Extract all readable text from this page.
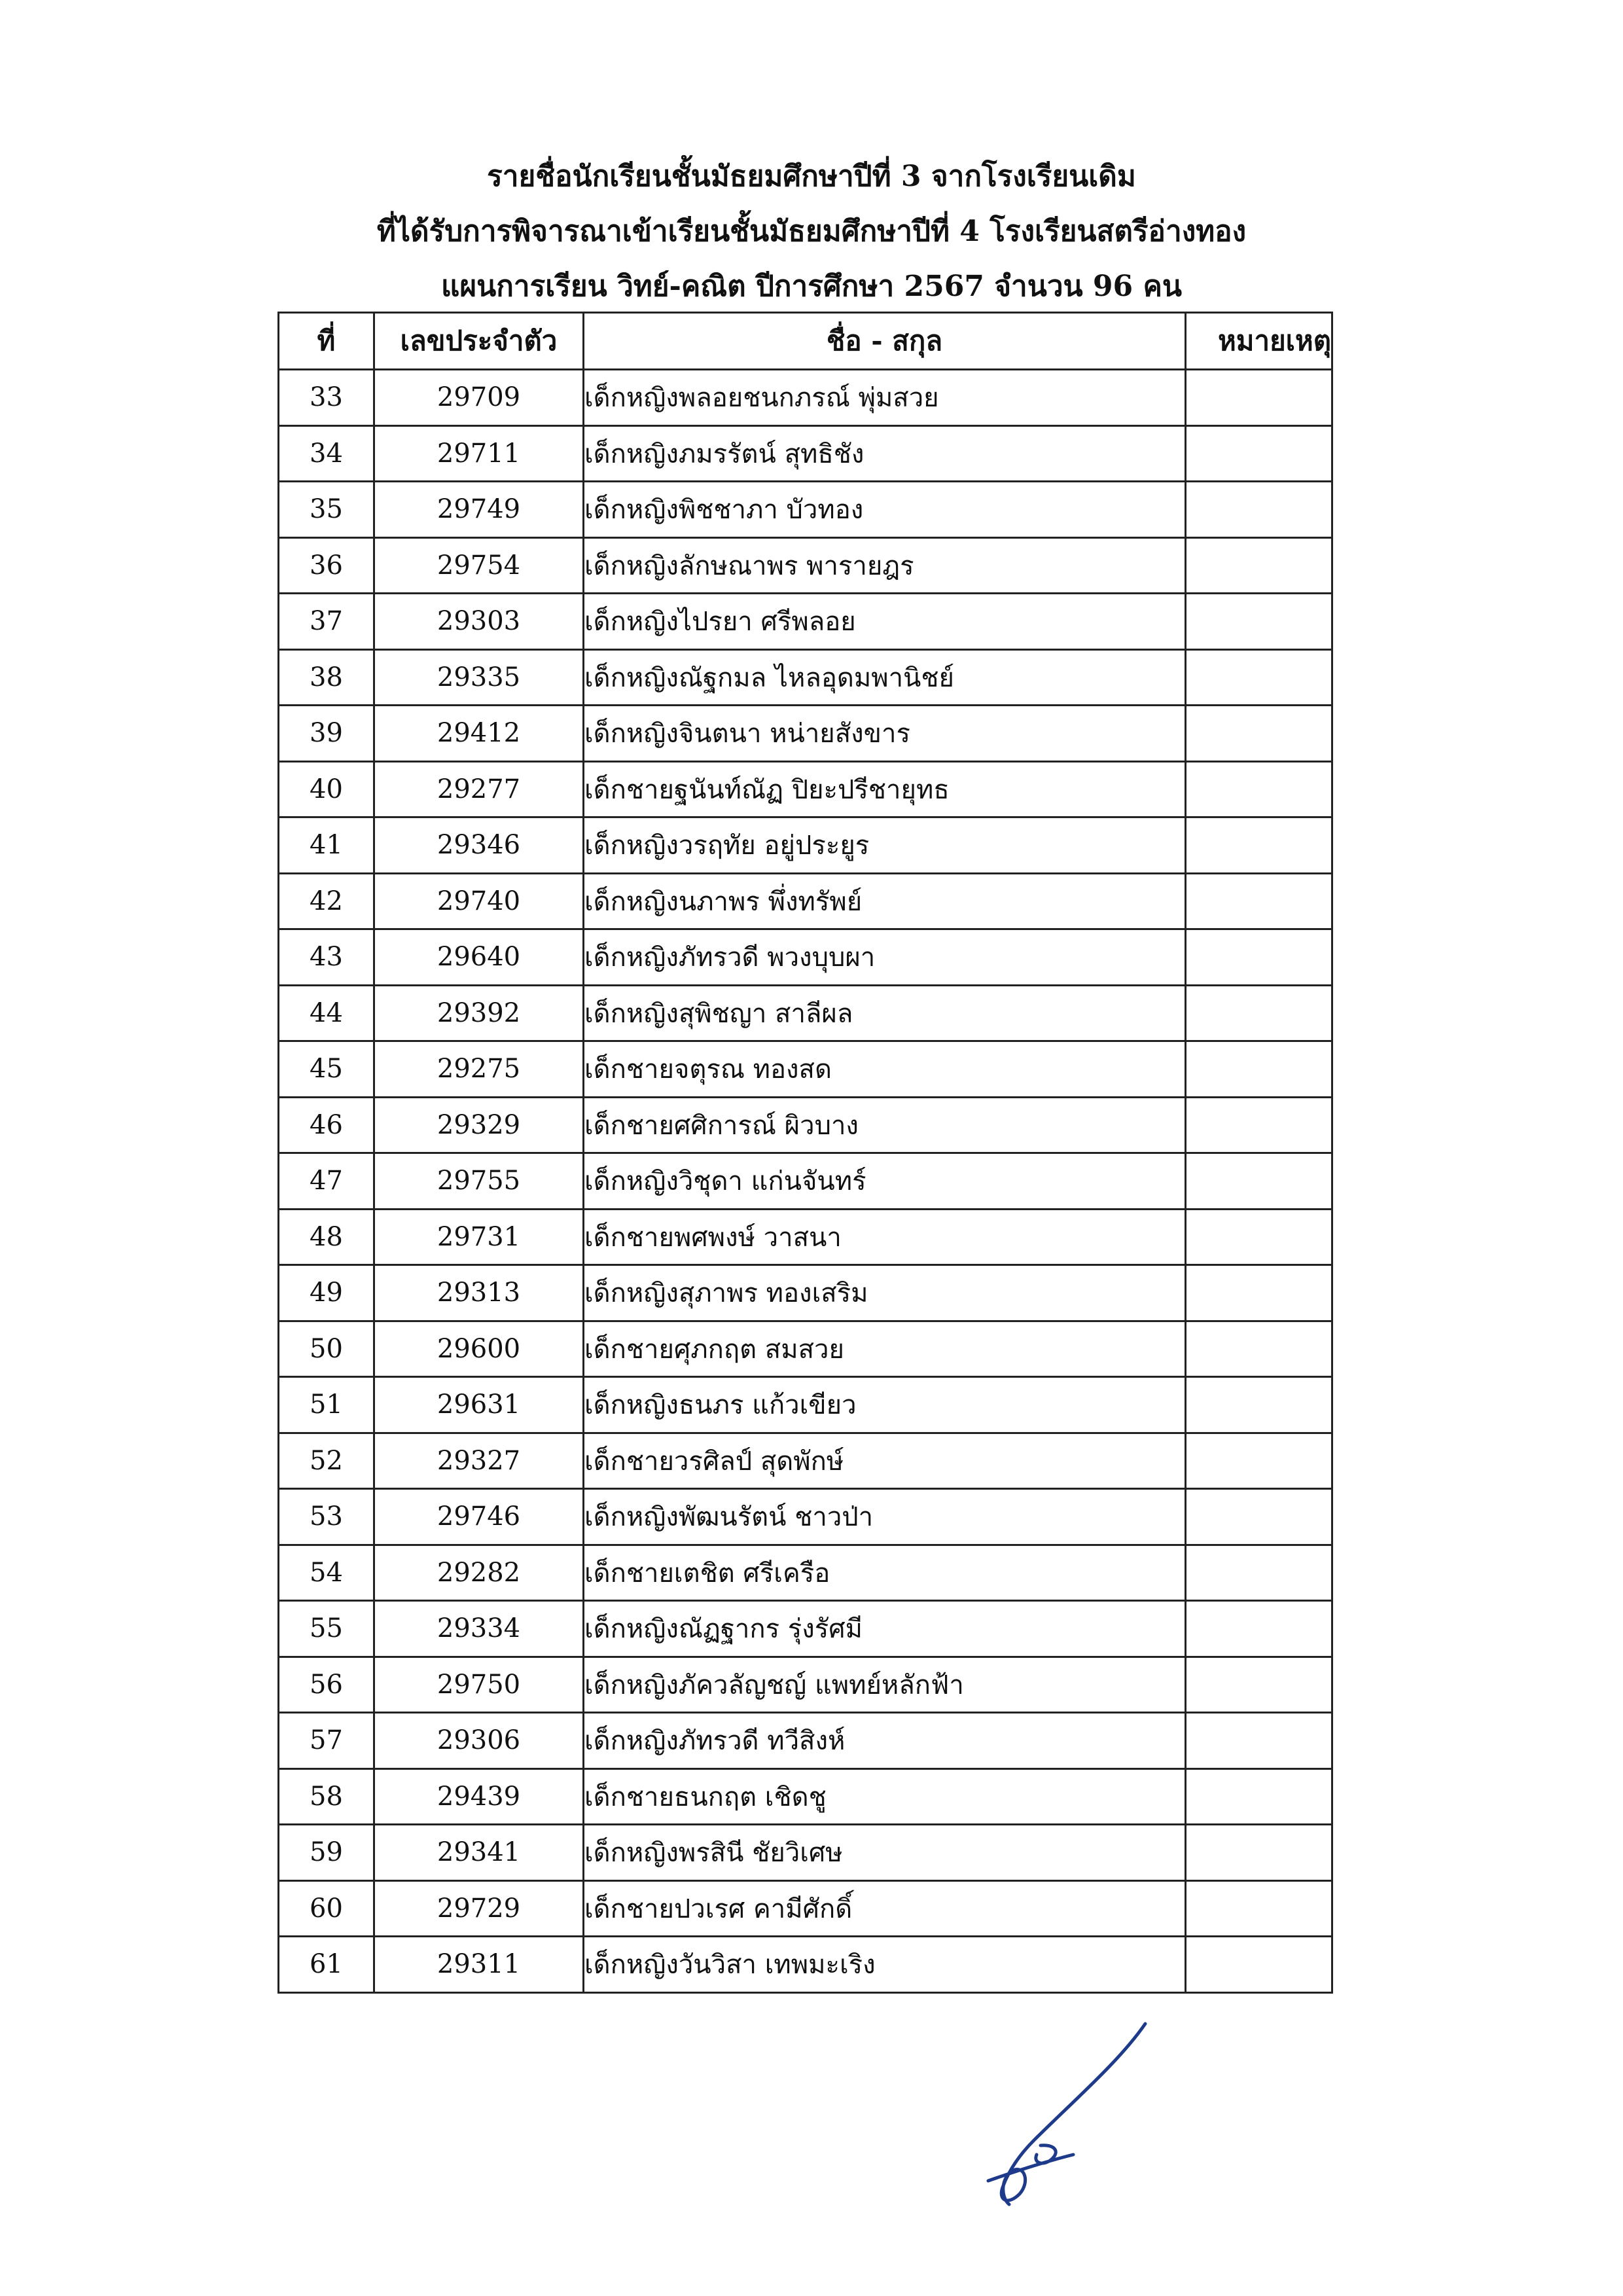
รายชื่อนักเรียนชั้นมัธยมศึกษาปีที่ 3 จากโรงเรียนเดิม
ที่ได้รับการพิจารณาเข้าเรียนชั้นมัธยมศึกษาปีที่ 4 โรงเรียนสตรีอ่างทอง
แผนการเรียน วิทย์-คณิต ปีการศึกษา 2567 จำนวน 96 คน
ที่	เลขประจำตัว	ชื่อ - สกุล	หมายเหตุ
33	29709	เด็กหญิงพลอยชนกภรณ์ พุ่มสวย	
34	29711	เด็กหญิงภมรรัตน์ สุทธิชัง	
35	29749	เด็กหญิงพิชชาภา บัวทอง	
36	29754	เด็กหญิงลักษณาพร พารายฎร	
37	29303	เด็กหญิงไปรยา ศรีพลอย	
38	29335	เด็กหญิงณัฐกมล ไหลอุดมพานิชย์	
39	29412	เด็กหญิงจินตนา หน่ายสังขาร	
40	29277	เด็กชายฐนันท์ณัฏ ปิยะปรีชายุทธ	
41	29346	เด็กหญิงวรฤทัย อยู่ประยูร	
42	29740	เด็กหญิงนภาพร พึ่งทรัพย์	
43	29640	เด็กหญิงภัทรวดี พวงบุบผา	
44	29392	เด็กหญิงสุพิชญา สาลีผล	
45	29275	เด็กชายจตุรณ ทองสด	
46	29329	เด็กชายศศิการณ์ ผิวบาง	
47	29755	เด็กหญิงวิชุดา แก่นจันทร์	
48	29731	เด็กชายพศพงษ์ วาสนา	
49	29313	เด็กหญิงสุภาพร ทองเสริม	
50	29600	เด็กชายศุภกฤต สมสวย	
51	29631	เด็กหญิงธนภร แก้วเขียว	
52	29327	เด็กชายวรศิลป์ สุดพักษ์	
53	29746	เด็กหญิงพัฒนรัตน์ ชาวป่า	
54	29282	เด็กชายเตชิต ศรีเครือ	
55	29334	เด็กหญิงณัฏฐากร รุ่งรัศมี	
56	29750	เด็กหญิงภัควลัญชญ์ แพทย์หลักฟ้า	
57	29306	เด็กหญิงภัทรวดี ทวีสิงห์	
58	29439	เด็กชายธนกฤต เชิดชู	
59	29341	เด็กหญิงพรสินี ชัยวิเศษ	
60	29729	เด็กชายปวเรศ คามีศักดิ์	
61	29311	เด็กหญิงวันวิสา เทพมะเริง	
